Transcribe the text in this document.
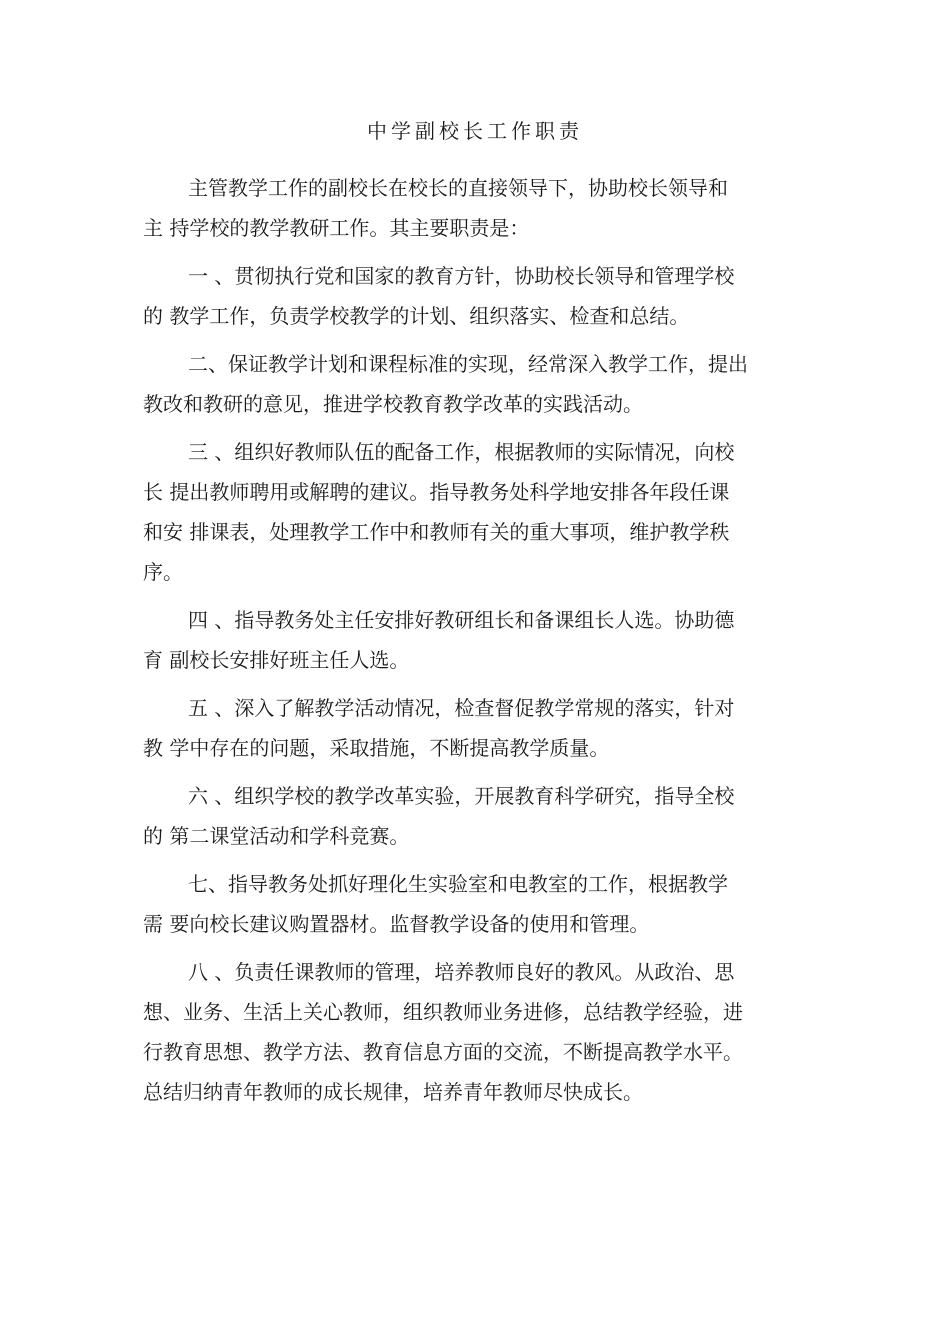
中学副校长工作职责
主管教学工作的副校长在校长的直接领导下，协助校长领导和
主 持学校的教学教研工作。其主要职责是：
一 、贯彻执行党和国家的教育方针，协助校长领导和管理学校
的 教学工作，负责学校教学的计划、组织落实、检查和总结。
二、保证教学计划和课程标准的实现，经常深入教学工作，提出
教改和教研的意见，推进学校教育教学改革的实践活动。
三 、组织好教师队伍的配备工作，根据教师的实际情况，向校
长 提出教师聘用或解聘的建议。指导教务处科学地安排各年段任课
和安 排课表，处理教学工作中和教师有关的重大事项，维护教学秩
序。
四 、指导教务处主任安排好教研组长和备课组长人选。协助德
育 副校长安排好班主任人选。
五 、深入了解教学活动情况，检查督促教学常规的落实，针对
教 学中存在的问题，采取措施，不断提高教学质量。
六 、组织学校的教学改革实验，开展教育科学研究，指导全校
的 第二课堂活动和学科竞赛。
七、指导教务处抓好理化生实验室和电教室的工作，根据教学
需 要向校长建议购置器材。监督教学设备的使用和管理。
八 、负责任课教师的管理，培养教师良好的教风。从政治、思
想、业务、生活上关心教师，组织教师业务进修，总结教学经验，进
行教育思想、教学方法、教育信息方面的交流，不断提高教学水平。
总结归纳青年教师的成长规律，培养青年教师尽快成长。
